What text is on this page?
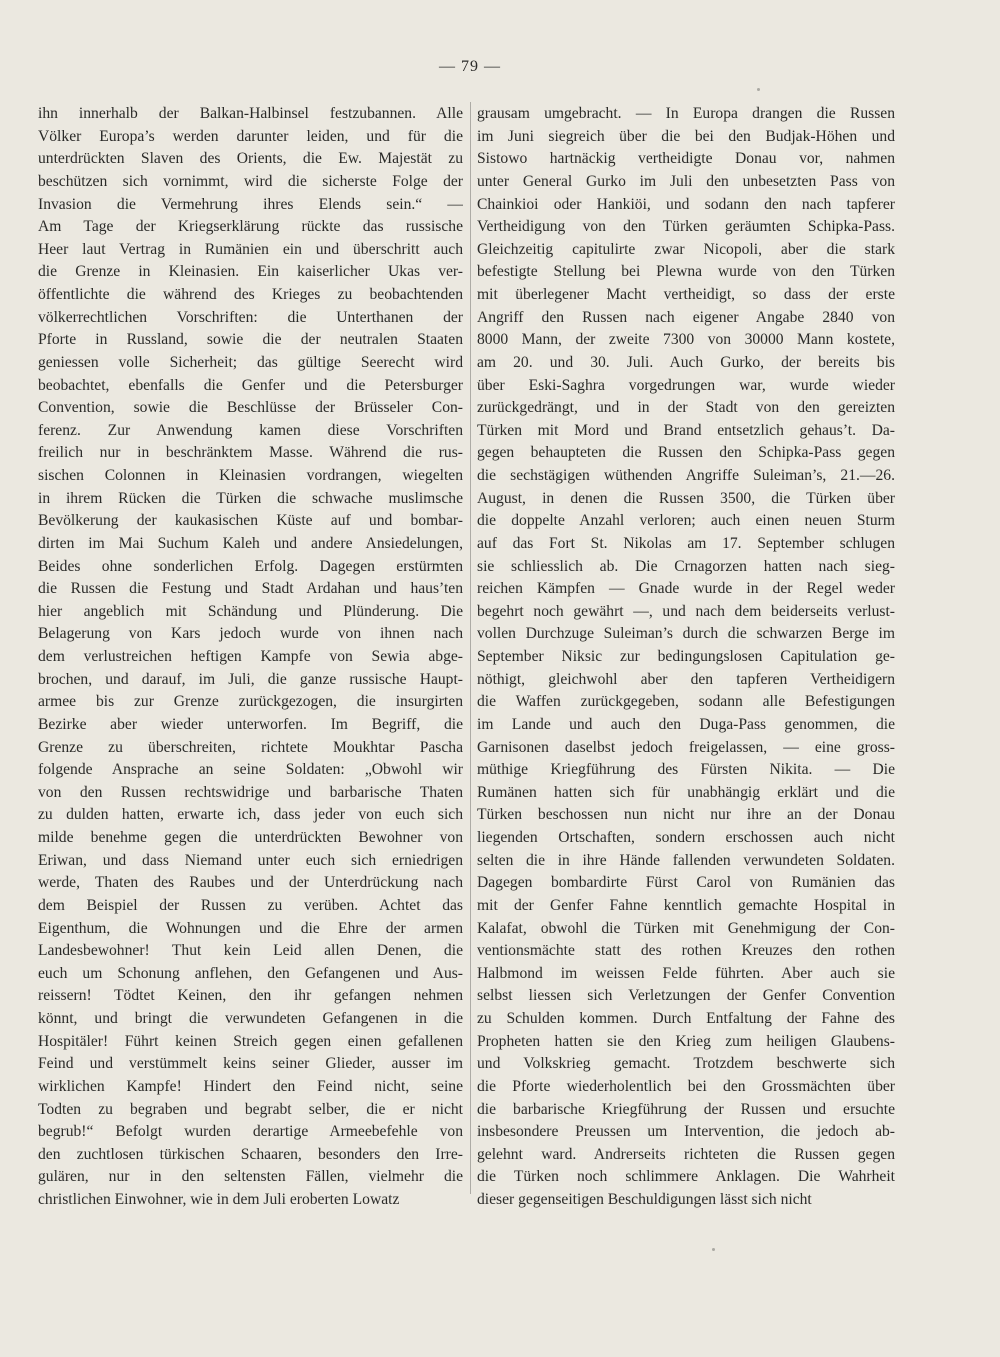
— 79 —
ihn innerhalb der Balkan-Halbinsel festzubannen. Alle
Völker Europa’s werden darunter leiden, und für die
unterdrückten Slaven des Orients, die Ew. Majestät zu
beschützen sich vornimmt, wird die sicherste Folge der
Invasion die Vermehrung ihres Elends sein.“ —
Am Tage der Kriegserklärung rückte das russische
Heer laut Vertrag in Rumänien ein und überschritt auch
die Grenze in Kleinasien. Ein kaiserlicher Ukas ver-
öffentlichte die während des Krieges zu beobachtenden
völkerrechtlichen Vorschriften: die Unterthanen der
Pforte in Russland, sowie die der neutralen Staaten
geniessen volle Sicherheit; das gültige Seerecht wird
beobachtet, ebenfalls die Genfer und die Petersburger
Convention, sowie die Beschlüsse der Brüsseler Con-
ferenz. Zur Anwendung kamen diese Vorschriften
freilich nur in beschränktem Masse. Während die rus-
sischen Colonnen in Kleinasien vordrangen, wiegelten
in ihrem Rücken die Türken die schwache muslimsche
Bevölkerung der kaukasischen Küste auf und bombar-
dirten im Mai Suchum Kaleh und andere Ansiedelungen,
Beides ohne sonderlichen Erfolg. Dagegen erstürmten
die Russen die Festung und Stadt Ardahan und haus’ten
hier angeblich mit Schändung und Plünderung. Die
Belagerung von Kars jedoch wurde von ihnen nach
dem verlustreichen heftigen Kampfe von Sewia abge-
brochen, und darauf, im Juli, die ganze russische Haupt-
armee bis zur Grenze zurückgezogen, die insurgirten
Bezirke aber wieder unterworfen. Im Begriff, die
Grenze zu überschreiten, richtete Moukhtar Pascha
folgende Ansprache an seine Soldaten: „Obwohl wir
von den Russen rechtswidrige und barbarische Thaten
zu dulden hatten, erwarte ich, dass jeder von euch sich
milde benehme gegen die unterdrückten Bewohner von
Eriwan, und dass Niemand unter euch sich erniedrigen
werde, Thaten des Raubes und der Unterdrückung nach
dem Beispiel der Russen zu verüben. Achtet das
Eigenthum, die Wohnungen und die Ehre der armen
Landesbewohner! Thut kein Leid allen Denen, die
euch um Schonung anflehen, den Gefangenen und Aus-
reissern! Tödtet Keinen, den ihr gefangen nehmen
könnt, und bringt die verwundeten Gefangenen in die
Hospitäler! Führt keinen Streich gegen einen gefallenen
Feind und verstümmelt keins seiner Glieder, ausser im
wirklichen Kampfe! Hindert den Feind nicht, seine
Todten zu begraben und begrabt selber, die er nicht
begrub!“ Befolgt wurden derartige Armeebefehle von
den zuchtlosen türkischen Schaaren, besonders den Irre-
gulären, nur in den seltensten Fällen, vielmehr die
christlichen Einwohner, wie in dem Juli eroberten Lowatz
grausam umgebracht. — In Europa drangen die Russen
im Juni siegreich über die bei den Budjak-Höhen und
Sistowo hartnäckig vertheidigte Donau vor, nahmen
unter General Gurko im Juli den unbesetzten Pass von
Chainkioi oder Hankiöi, und sodann den nach tapferer
Vertheidigung von den Türken geräumten Schipka-Pass.
Gleichzeitig capitulirte zwar Nicopoli, aber die stark
befestigte Stellung bei Plewna wurde von den Türken
mit überlegener Macht vertheidigt, so dass der erste
Angriff den Russen nach eigener Angabe 2840 von
8000 Mann, der zweite 7300 von 30000 Mann kostete,
am 20. und 30. Juli. Auch Gurko, der bereits bis
über Eski-Saghra vorgedrungen war, wurde wieder
zurückgedrängt, und in der Stadt von den gereizten
Türken mit Mord und Brand entsetzlich gehaus’t. Da-
gegen behaupteten die Russen den Schipka-Pass gegen
die sechstägigen wüthenden Angriffe Suleiman’s, 21.—26.
August, in denen die Russen 3500, die Türken über
die doppelte Anzahl verloren; auch einen neuen Sturm
auf das Fort St. Nikolas am 17. September schlugen
sie schliesslich ab. Die Crnagorzen hatten nach sieg-
reichen Kämpfen — Gnade wurde in der Regel weder
begehrt noch gewährt —, und nach dem beiderseits verlust-
vollen Durchzuge Suleiman’s durch die schwarzen Berge im
September Niksic zur bedingungslosen Capitulation ge-
nöthigt, gleichwohl aber den tapferen Vertheidigern
die Waffen zurückgegeben, sodann alle Befestigungen
im Lande und auch den Duga-Pass genommen, die
Garnisonen daselbst jedoch freigelassen, — eine gross-
müthige Kriegführung des Fürsten Nikita. — Die
Rumänen hatten sich für unabhängig erklärt und die
Türken beschossen nun nicht nur ihre an der Donau
liegenden Ortschaften, sondern erschossen auch nicht
selten die in ihre Hände fallenden verwundeten Soldaten.
Dagegen bombardirte Fürst Carol von Rumänien das
mit der Genfer Fahne kenntlich gemachte Hospital in
Kalafat, obwohl die Türken mit Genehmigung der Con-
ventionsmächte statt des rothen Kreuzes den rothen
Halbmond im weissen Felde führten. Aber auch sie
selbst liessen sich Verletzungen der Genfer Convention
zu Schulden kommen. Durch Entfaltung der Fahne des
Propheten hatten sie den Krieg zum heiligen Glaubens-
und Volkskrieg gemacht. Trotzdem beschwerte sich
die Pforte wiederholentlich bei den Grossmächten über
die barbarische Kriegführung der Russen und ersuchte
insbesondere Preussen um Intervention, die jedoch ab-
gelehnt ward. Andrerseits richteten die Russen gegen
die Türken noch schlimmere Anklagen. Die Wahrheit
dieser gegenseitigen Beschuldigungen lässt sich nicht
